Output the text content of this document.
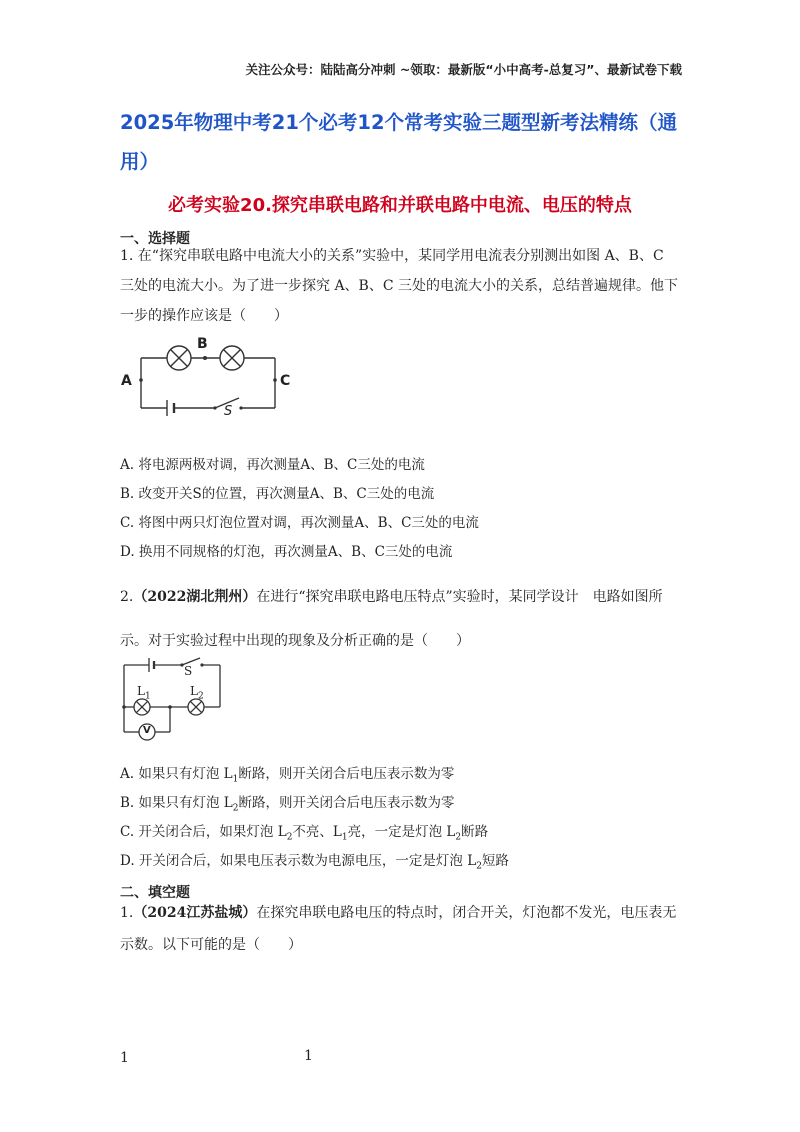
关注公众号：陆陆高分冲刺 ~领取：最新版“小中高考-总复习”、最新试卷下载
2025年物理中考21个必考12个常考实验三题型新考法精练（通用）
必考实验20.探究串联电路和并联电路中电流、电压的特点
一、选择题
1. 在“探究串联电路中电流大小的关系”实验中，某同学用电流表分别测出如图 A、B、C
三处的电流大小。为了进一步探究 A、B、C 三处的电流大小的关系，总结普遍规律。他下
一步的操作应该是（　　）
B
A	C
S
A. 将电源两极对调，再次测量A、B、C三处的电流
B. 改变开关S的位置，再次测量A、B、C三处的电流
C. 将图中两只灯泡位置对调，再次测量A、B、C三处的电流
D. 换用不同规格的灯泡，再次测量A、B、C三处的电流
2.（2022湖北荆州）在进行“探究串联电路电压特点”实验时，某同学设计　电路如图所
示。对于实验过程中出现的现象及分析正确的是（　　）
S
$L_1$	$L_2$
V
A. 如果只有灯泡 $L_1$断路，则开关闭合后电压表示数为零
B. 如果只有灯泡 $L_2$断路，则开关闭合后电压表示数为零
C. 开关闭合后，如果灯泡 $L_2$不亮、$L_1$亮，一定是灯泡 $L_2$断路
D. 开关闭合后，如果电压表示数为电源电压，一定是灯泡 $L_2$短路
二、填空题
1.（2024江苏盐城）在探究串联电路电压的特点时，闭合开关，灯泡都不发光，电压表无
示数。以下可能的是（　　）
1	1
